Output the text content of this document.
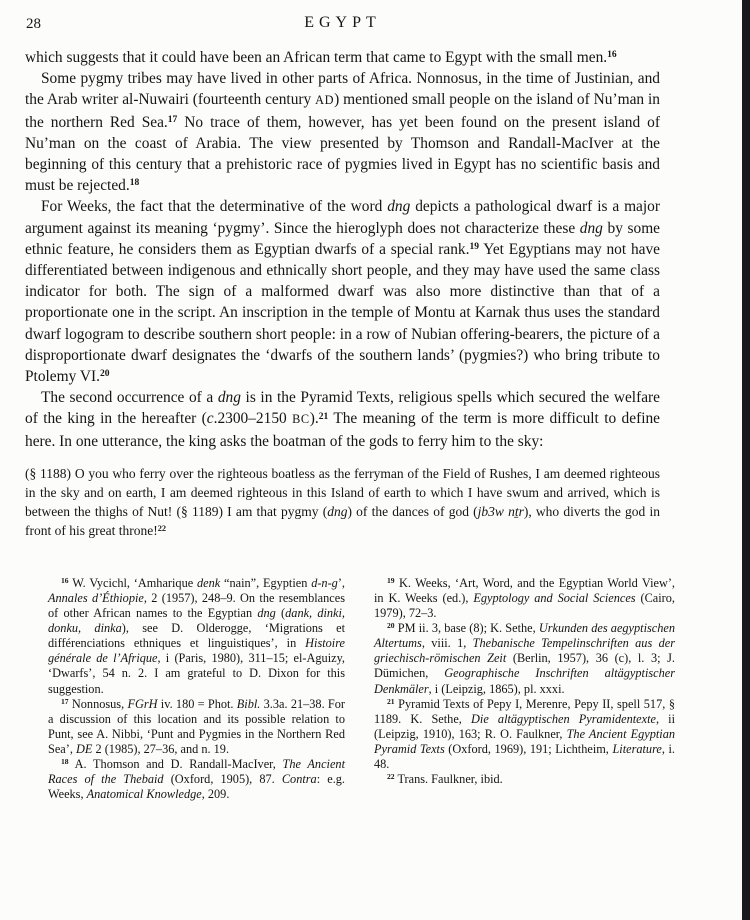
28	EGYPT

which suggests that it could have been an African term that came to Egypt with the small men.$^{16}$

Some pygmy tribes may have lived in other parts of Africa. Nonnosus, in the time of Justinian, and the Arab writer al-Nuwairi (fourteenth century AD) mentioned small people on the island of Nu’man in the northern Red Sea.$^{17}$ No trace of them, however, has yet been found on the present island of Nu’man on the coast of Arabia. The view presented by Thomson and Randall-MacIver at the beginning of this century that a prehistoric race of pygmies lived in Egypt has no scientific basis and must be rejected.$^{18}$

For Weeks, the fact that the determinative of the word dng depicts a pathological dwarf is a major argument against its meaning ‘pygmy’. Since the hieroglyph does not characterize these dng by some ethnic feature, he considers them as Egyptian dwarfs of a special rank.$^{19}$ Yet Egyptians may not have differentiated between indigenous and ethnically short people, and they may have used the same class indicator for both. The sign of a malformed dwarf was also more distinctive than that of a proportionate one in the script. An inscription in the temple of Montu at Karnak thus uses the standard dwarf logogram to describe southern short people: in a row of Nubian offering-bearers, the picture of a disproportionate dwarf designates the ‘dwarfs of the southern lands’ (pygmies?) who bring tribute to Ptolemy VI.$^{20}$

The second occurrence of a dng is in the Pyramid Texts, religious spells which secured the welfare of the king in the hereafter (c.2300–2150 BC).$^{21}$ The meaning of the term is more difficult to define here. In one utterance, the king asks the boatman of the gods to ferry him to the sky:

(§ 1188) O you who ferry over the righteous boatless as the ferryman of the Field of Rushes, I am deemed righteous in the sky and on earth, I am deemed righteous in this Island of earth to which I have swum and arrived, which is between the thighs of Nut! (§ 1189) I am that pygmy (dng) of the dances of god (jb3w nṯr), who diverts the god in front of his great throne!$^{22}$

$^{16}$ W. Vycichl, ‘Amharique denk “nain”, Egyptien d-n-g’, Annales d’Éthiopie, 2 (1957), 248–9. On the resemblances of other African names to the Egyptian dng (dank, dinki, donku, dinka), see D. Olderogge, ‘Migrations et différenciations ethniques et linguistiques’, in Histoire générale de l’Afrique, i (Paris, 1980), 311–15; el-Aguizy, ‘Dwarfs’, 54 n. 2. I am grateful to D. Dixon for this suggestion.

$^{17}$ Nonnosus, FGrH iv. 180 = Phot. Bibl. 3.3a. 21–38. For a discussion of this location and its possible relation to Punt, see A. Nibbi, ‘Punt and Pygmies in the Northern Red Sea’, DE 2 (1985), 27–36, and n. 19.

$^{18}$ A. Thomson and D. Randall-MacIver, The Ancient Races of the Thebaid (Oxford, 1905), 87. Contra: e.g. Weeks, Anatomical Knowledge, 209.

$^{19}$ K. Weeks, ‘Art, Word, and the Egyptian World View’, in K. Weeks (ed.), Egyptology and Social Sciences (Cairo, 1979), 72–3.

$^{20}$ PM ii. 3, base (8); K. Sethe, Urkunden des aegyptischen Altertums, viii. 1, Thebanische Tempelinschriften aus der griechisch-römischen Zeit (Berlin, 1957), 36 (c), l. 3; J. Dümichen, Geographische Inschriften altägyptischer Denkmäler, i (Leipzig, 1865), pl. xxxi.

$^{21}$ Pyramid Texts of Pepy I, Merenre, Pepy II, spell 517, § 1189. K. Sethe, Die altägyptischen Pyramidentexte, ii (Leipzig, 1910), 163; R. O. Faulkner, The Ancient Egyptian Pyramid Texts (Oxford, 1969), 191; Lichtheim, Literature, i. 48.

$^{22}$ Trans. Faulkner, ibid.
